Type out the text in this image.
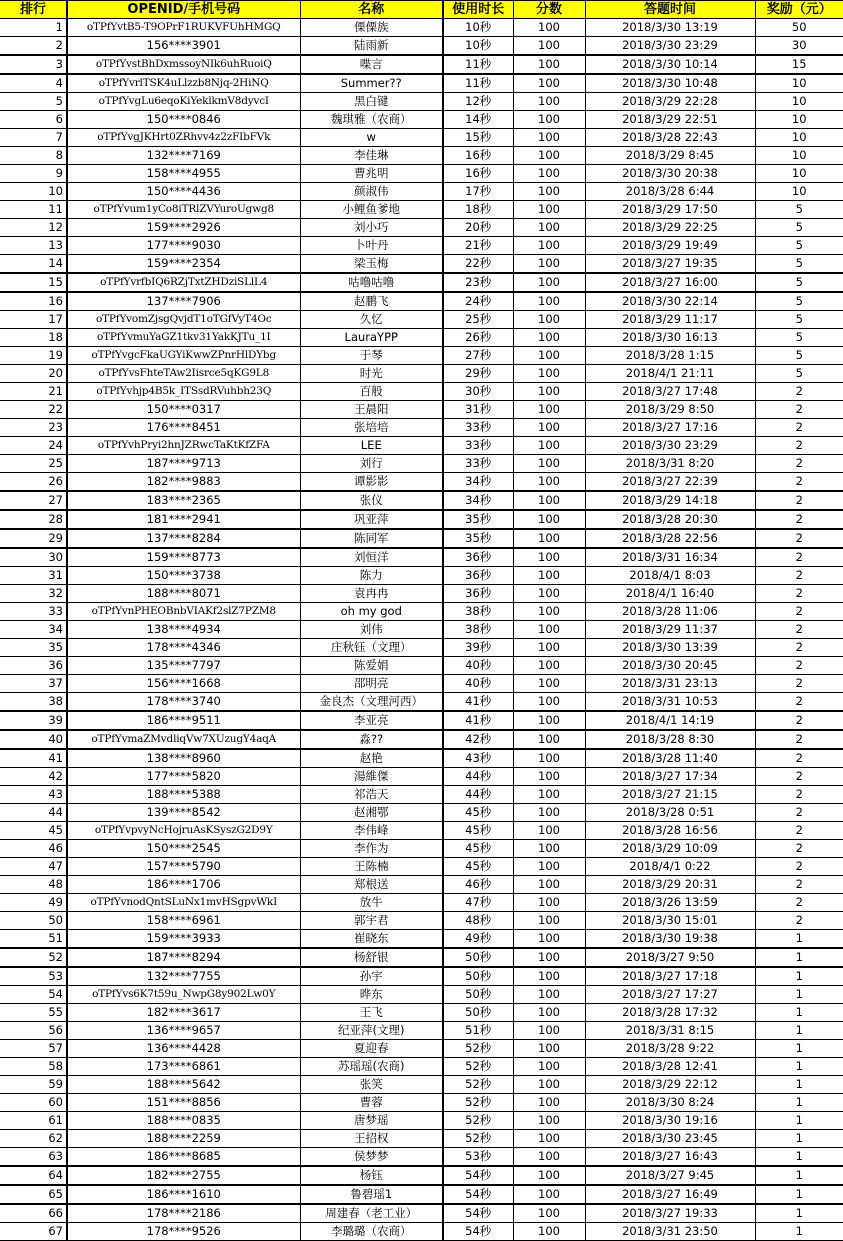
排行	OPENID/手机号码	名称	使用时长	分数	答题时间	奖励（元）
1	oTPfYvtB5-T9OPrF1RUKVFUhHMGQ	傈傈族	10秒	100	2018/3/30 13:19	50
2	156****3901	陆雨新	10秒	100	2018/3/30 23:29	30
3	oTPfYvstBhDxmssoyNIk6uhRuoiQ	喋言	11秒	100	2018/3/30 10:14	15
4	oTPfYvrlTSK4uLlzzb8Njq-2HiNQ	Summer??	11秒	100	2018/3/30 10:48	10
5	oTPfYvgLu6eqoKiYeklkmV8dyvcI	黑白键	12秒	100	2018/3/29 22:28	10
6	150****0846	魏琪雅（农商）	14秒	100	2018/3/29 22:51	10
7	oTPfYvgJKHrt0ZRhvv4z2zFIbFVk	w	15秒	100	2018/3/28 22:43	10
8	132****7169	李佳琳	16秒	100	2018/3/29 8:45	10
9	158****4955	曹兆明	16秒	100	2018/3/30 20:38	10
10	150****4436	颜淑伟	17秒	100	2018/3/28 6:44	10
11	oTPfYvum1yCo8iTRlZVYuroUgwg8	小鲤鱼爹地	18秒	100	2018/3/29 17:50	5
12	159****2926	刘小巧	20秒	100	2018/3/29 22:25	5
13	177****9030	卜叶丹	21秒	100	2018/3/29 19:49	5
14	159****2354	梁玉梅	22秒	100	2018/3/27 19:35	5
15	oTPfYvrfbIQ6RZjTxtZHDziSLlL4	咕噜咕噜	23秒	100	2018/3/27 16:00	5
16	137****7906	赵鹏飞	24秒	100	2018/3/30 22:14	5
17	oTPfYvomZjsgQvjdT1oTGfVyT4Oc	久忆	25秒	100	2018/3/29 11:17	5
18	oTPfYvmuYaGZ1tkv31YakKJTu_1I	LauraYPP	26秒	100	2018/3/30 16:13	5
19	oTPfYvgcFkaUGYiKwwZPnrHlDYbg	于琴	27秒	100	2018/3/28 1:15	5
20	oTPfYvsFhteTAw2Iisrce5qKG9L8	时光	29秒	100	2018/4/1 21:11	5
21	oTPfYvhjp4B5k_ITSsdRVuhbh23Q	百般	30秒	100	2018/3/27 17:48	2
22	150****0317	王晨阳	31秒	100	2018/3/29 8:50	2
23	176****8451	张培培	33秒	100	2018/3/27 17:16	2
24	oTPfYvhPryi2hnJZRwcTaKtKfZFA	LEE	33秒	100	2018/3/30 23:29	2
25	187****9713	刘行	33秒	100	2018/3/31 8:20	2
26	182****9883	谭影影	34秒	100	2018/3/27 22:39	2
27	183****2365	张仪	34秒	100	2018/3/29 14:18	2
28	181****2941	巩亚萍	35秒	100	2018/3/28 20:30	2
29	137****8284	陈同军	35秒	100	2018/3/28 22:56	2
30	159****8773	刘恒洋	36秒	100	2018/3/31 16:34	2
31	150****3738	陈力	36秒	100	2018/4/1 8:03	2
32	188****8071	袁冉冉	36秒	100	2018/4/1 16:40	2
33	oTPfYvnPHEOBnbVIAKf2slZ7PZM8	oh my god	38秒	100	2018/3/28 11:06	2
34	138****4934	刘伟	38秒	100	2018/3/29 11:37	2
35	178****4346	庄秋钰（文理）	39秒	100	2018/3/30 13:39	2
36	135****7797	陈爱娟	40秒	100	2018/3/30 20:45	2
37	156****1668	邵明亮	40秒	100	2018/3/31 23:13	2
38	178****3740	金良杰（文理河西）	41秒	100	2018/3/31 10:53	2
39	186****9511	李亚亮	41秒	100	2018/4/1 14:19	2
40	oTPfYvmaZMvdliqVw7XUzugY4aqA	淼??	42秒	100	2018/3/28 8:30	2
41	138****8960	赵艳	43秒	100	2018/3/28 11:40	2
42	177****5820	湯維傑	44秒	100	2018/3/27 17:34	2
43	188****5388	祁浩天	44秒	100	2018/3/27 21:15	2
44	139****8542	赵湘鄂	45秒	100	2018/3/28 0:51	2
45	oTPfYvpvyNcHojruAsKSyszG2D9Y	李伟峰	45秒	100	2018/3/28 16:56	2
46	150****2545	李作为	45秒	100	2018/3/29 10:09	2
47	157****5790	王陈楠	45秒	100	2018/4/1 0:22	2
48	186****1706	郑根送	46秒	100	2018/3/29 20:31	2
49	oTPfYvnodQntSLuNx1mvHSgpvWkI	放牛	47秒	100	2018/3/26 13:59	2
50	158****6961	郭宇君	48秒	100	2018/3/30 15:01	2
51	159****3933	崔晓东	49秒	100	2018/3/30 19:38	1
52	187****8294	杨舒银	50秒	100	2018/3/27 9:50	1
53	132****7755	孙宇	50秒	100	2018/3/27 17:18	1
54	oTPfYvs6K7t59u_NwpG8y902Lw0Y	晔东	50秒	100	2018/3/27 17:27	1
55	182****3617	王飞	50秒	100	2018/3/28 17:32	1
56	136****9657	纪亚萍(文理)	51秒	100	2018/3/31 8:15	1
57	136****4428	夏迎春	52秒	100	2018/3/28 9:22	1
58	173****6861	苏瑶瑶(农商)	52秒	100	2018/3/28 12:41	1
59	188****5642	张笑	52秒	100	2018/3/29 22:12	1
60	151****8856	曹蓉	52秒	100	2018/3/30 8:24	1
61	188****0835	唐梦瑶	52秒	100	2018/3/30 19:16	1
62	188****2259	王招权	52秒	100	2018/3/30 23:45	1
63	186****8685	侯梦梦	53秒	100	2018/3/27 16:43	1
64	182****2755	杨钰	54秒	100	2018/3/27 9:45	1
65	186****1610	鲁碧瑶1	54秒	100	2018/3/27 16:49	1
66	178****2186	周建春（老工业）	54秒	100	2018/3/27 19:33	1
67	178****9526	李璐璐（农商）	54秒	100	2018/3/31 23:50	1
